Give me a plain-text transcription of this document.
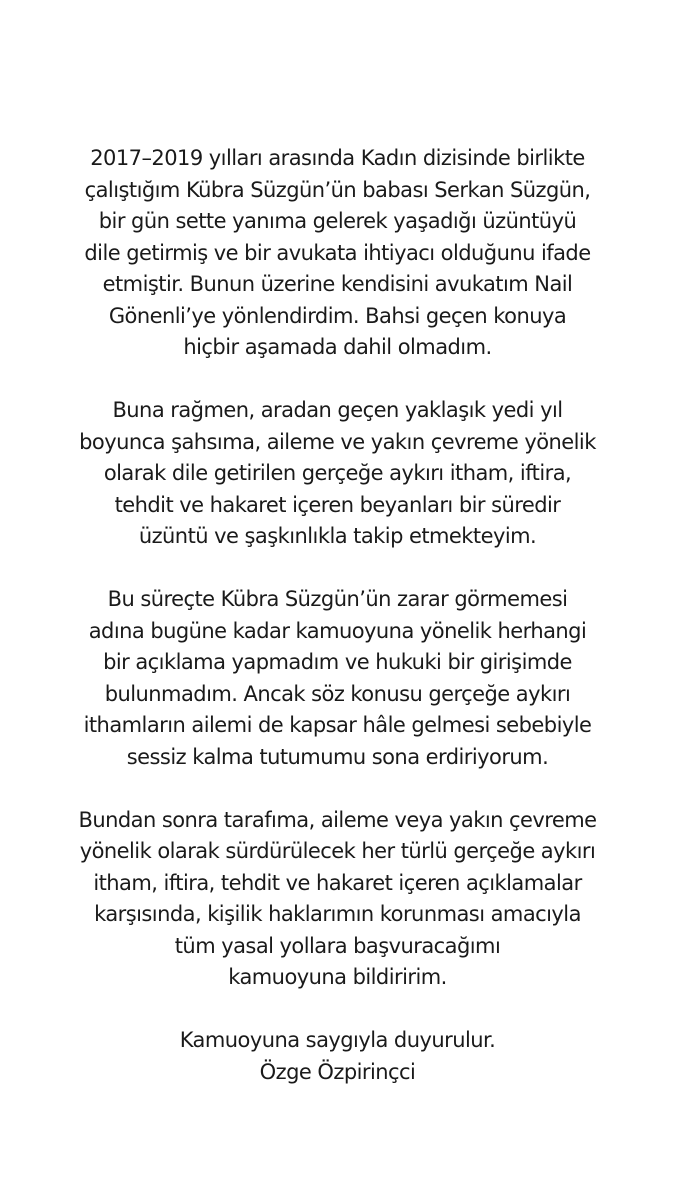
2017–2019 yılları arasında Kadın dizisinde birlikte

çalıştığım Kübra Süzgün’ün babası Serkan Süzgün,

bir gün sette yanıma gelerek yaşadığı üzüntüyü

dile getirmiş ve bir avukata ihtiyacı olduğunu ifade

etmiştir. Bunun üzerine kendisini avukatım Nail

Gönenli’ye yönlendirdim. Bahsi geçen konuya

hiçbir aşamada dahil olmadım.

Buna rağmen, aradan geçen yaklaşık yedi yıl

boyunca şahsıma, aileme ve yakın çevreme yönelik

olarak dile getirilen gerçeğe aykırı itham, iftira,

tehdit ve hakaret içeren beyanları bir süredir

üzüntü ve şaşkınlıkla takip etmekteyim.

Bu süreçte Kübra Süzgün’ün zarar görmemesi

adına bugüne kadar kamuoyuna yönelik herhangi

bir açıklama yapmadım ve hukuki bir girişimde

bulunmadım. Ancak söz konusu gerçeğe aykırı

ithamların ailemi de kapsar hâle gelmesi sebebiyle

sessiz kalma tutumumu sona erdiriyorum.

Bundan sonra tarafıma, aileme veya yakın çevreme

yönelik olarak sürdürülecek her türlü gerçeğe aykırı

itham, iftira, tehdit ve hakaret içeren açıklamalar

karşısında, kişilik haklarımın korunması amacıyla

tüm yasal yollara başvuracağımı

kamuoyuna bildiririm.

Kamuoyuna saygıyla duyurulur.

Özge Özpirinçci
